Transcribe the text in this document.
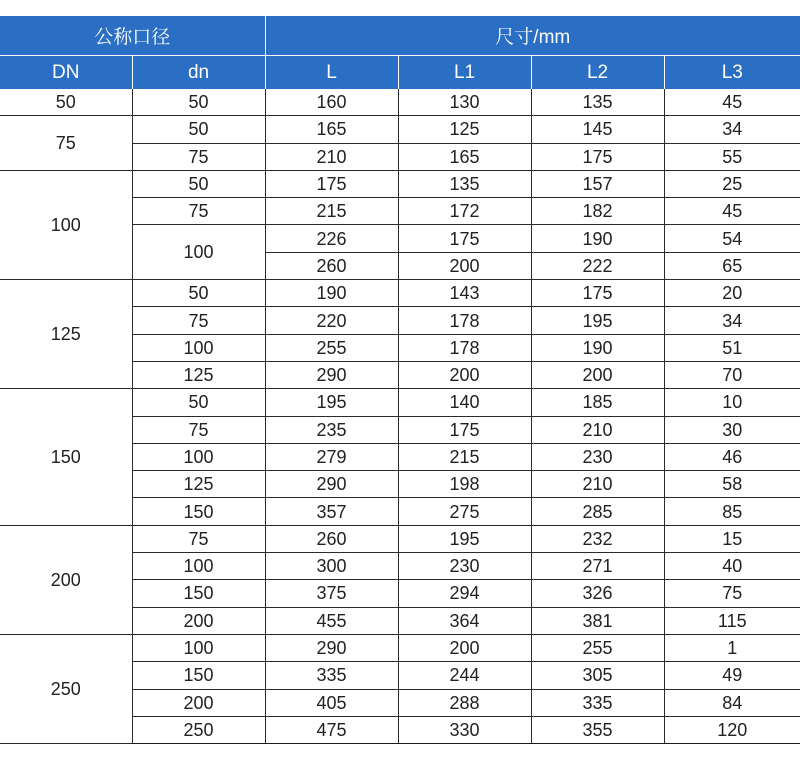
公称口径		尺寸/mm			
DN	dn	L	L1	L2	L3
50	50	160	130	135	45
75	50	165	125	145	34
	75	210	165	175	55
100	50	175	135	157	25
	75	215	172	182	45
	100	226	175	190	54
		260	200	222	65
125	50	190	143	175	20
	75	220	178	195	34
	100	255	178	190	51
	125	290	200	200	70
150	50	195	140	185	10
	75	235	175	210	30
	100	279	215	230	46
	125	290	198	210	58
	150	357	275	285	85
200	75	260	195	232	15
	100	300	230	271	40
	150	375	294	326	75
	200	455	364	381	115
250	100	290	200	255	1
	150	335	244	305	49
	200	405	288	335	84
	250	475	330	355	120
